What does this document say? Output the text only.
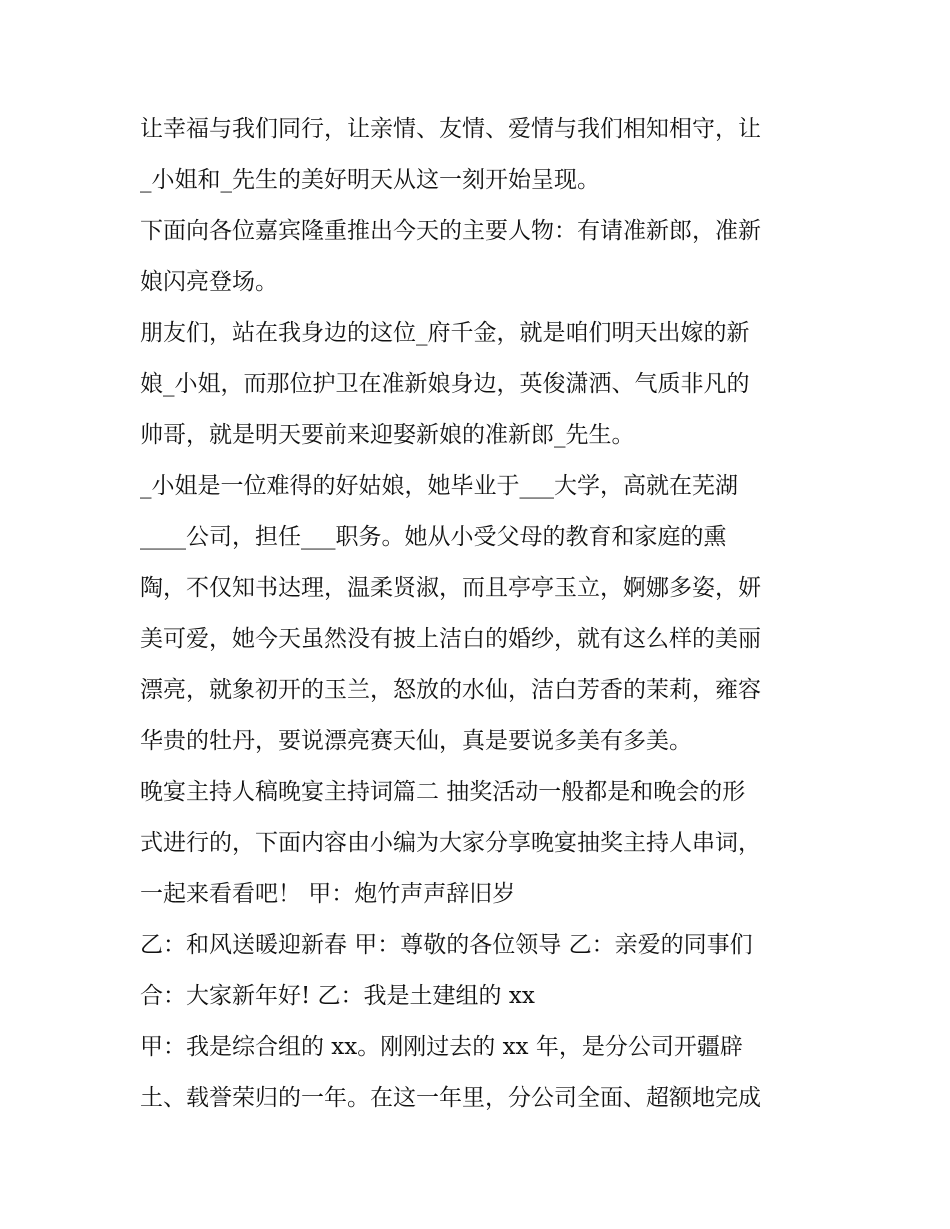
让幸福与我们同行，让亲情、友情、爱情与我们相知相守，让
_小姐和_先生的美好明天从这一刻开始呈现。
下面向各位嘉宾隆重推出今天的主要人物：有请准新郎，准新
娘闪亮登场。
朋友们，站在我身边的这位_府千金，就是咱们明天出嫁的新
娘_小姐，而那位护卫在准新娘身边，英俊潇洒、气质非凡的
帅哥，就是明天要前来迎娶新娘的准新郎_先生。
_小姐是一位难得的好姑娘，她毕业于___大学，高就在芜湖
____公司，担任___职务。她从小受父母的教育和家庭的熏
陶，不仅知书达理，温柔贤淑，而且亭亭玉立，婀娜多姿，妍
美可爱，她今天虽然没有披上洁白的婚纱，就有这么样的美丽
漂亮，就象初开的玉兰，怒放的水仙，洁白芳香的茉莉，雍容
华贵的牡丹，要说漂亮赛天仙，真是要说多美有多美。
晚宴主持人稿晚宴主持词篇二 抽奖活动一般都是和晚会的形
式进行的，下面内容由小编为大家分享晚宴抽奖主持人串词，
一起来看看吧！ 甲：炮竹声声辞旧岁
乙：和风送暖迎新春 甲：尊敬的各位领导 乙：亲爱的同事们
合：大家新年好! 乙：我是土建组的 xx
甲：我是综合组的 xx。刚刚过去的 xx 年，是分公司开疆辟
土、载誉荣归的一年。在这一年里，分公司全面、超额地完成
